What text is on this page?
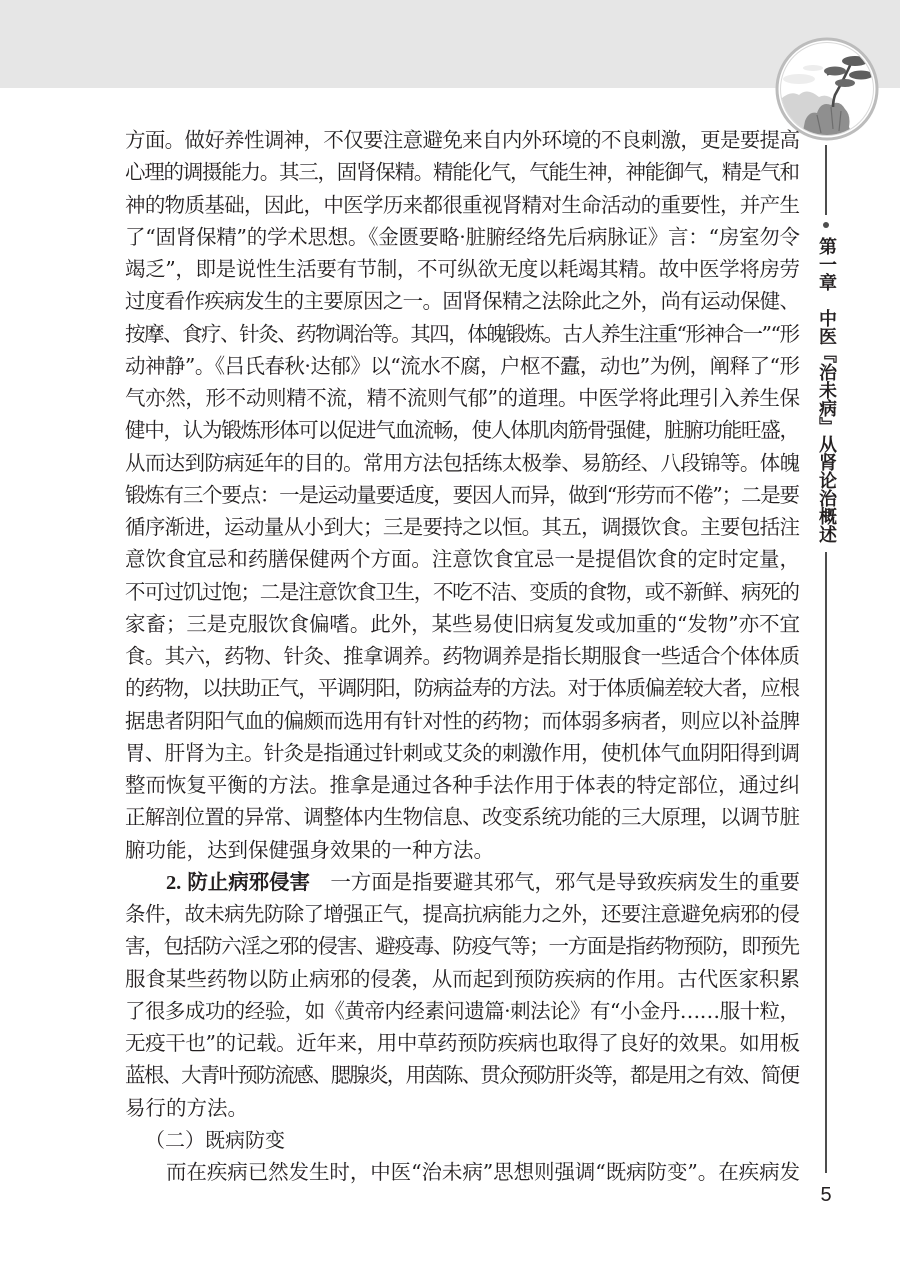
第一章中医『治未病』从肾论治概述
5
方面。做好养性调神，不仅要注意避免来自内外环境的不良刺激，更是要提高
心理的调摄能力。其三，固肾保精。精能化气，气能生神，神能御气，精是气和
神的物质基础，因此，中医学历来都很重视肾精对生命活动的重要性，并产生
了“固肾保精”的学术思想。《金匮要略·脏腑经络先后病脉证》言：“房室勿令
竭乏”，即是说性生活要有节制，不可纵欲无度以耗竭其精。故中医学将房劳
过度看作疾病发生的主要原因之一。固肾保精之法除此之外，尚有运动保健、
按摩、食疗、针灸、药物调治等。其四，体魄锻炼。古人养生注重“形神合一”“形
动神静”。《吕氏春秋·达郁》以“流水不腐，户枢不蠹，动也”为例，阐释了“形
气亦然，形不动则精不流，精不流则气郁”的道理。中医学将此理引入养生保
健中，认为锻炼形体可以促进气血流畅，使人体肌肉筋骨强健，脏腑功能旺盛，
从而达到防病延年的目的。常用方法包括练太极拳、易筋经、八段锦等。体魄
锻炼有三个要点：一是运动量要适度，要因人而异，做到“形劳而不倦”；二是要
循序渐进，运动量从小到大；三是要持之以恒。其五，调摄饮食。主要包括注
意饮食宜忌和药膳保健两个方面。注意饮食宜忌一是提倡饮食的定时定量，
不可过饥过饱；二是注意饮食卫生，不吃不洁、变质的食物，或不新鲜、病死的
家畜；三是克服饮食偏嗜。此外，某些易使旧病复发或加重的“发物”亦不宜
食。其六，药物、针灸、推拿调养。药物调养是指长期服食一些适合个体体质
的药物，以扶助正气，平调阴阳，防病益寿的方法。对于体质偏差较大者，应根
据患者阴阳气血的偏颇而选用有针对性的药物；而体弱多病者，则应以补益脾
胃、肝肾为主。针灸是指通过针刺或艾灸的刺激作用，使机体气血阴阳得到调
整而恢复平衡的方法。推拿是通过各种手法作用于体表的特定部位，通过纠
正解剖位置的异常、调整体内生物信息、改变系统功能的三大原理，以调节脏
腑功能，达到保健强身效果的一种方法。
2. 防止病邪侵害 一方面是指要避其邪气，邪气是导致疾病发生的重要
条件，故未病先防除了增强正气，提高抗病能力之外，还要注意避免病邪的侵
害，包括防六淫之邪的侵害、避疫毒、防疫气等；一方面是指药物预防，即预先
服食某些药物以防止病邪的侵袭，从而起到预防疾病的作用。古代医家积累
了很多成功的经验，如《黄帝内经素问遗篇·刺法论》有“小金丹……服十粒，
无疫干也”的记载。近年来，用中草药预防疾病也取得了良好的效果。如用板
蓝根、大青叶预防流感、腮腺炎，用茵陈、贯众预防肝炎等，都是用之有效、简便
易行的方法。
（二）既病防变
而在疾病已然发生时，中医“治未病”思想则强调“既病防变”。在疾病发
